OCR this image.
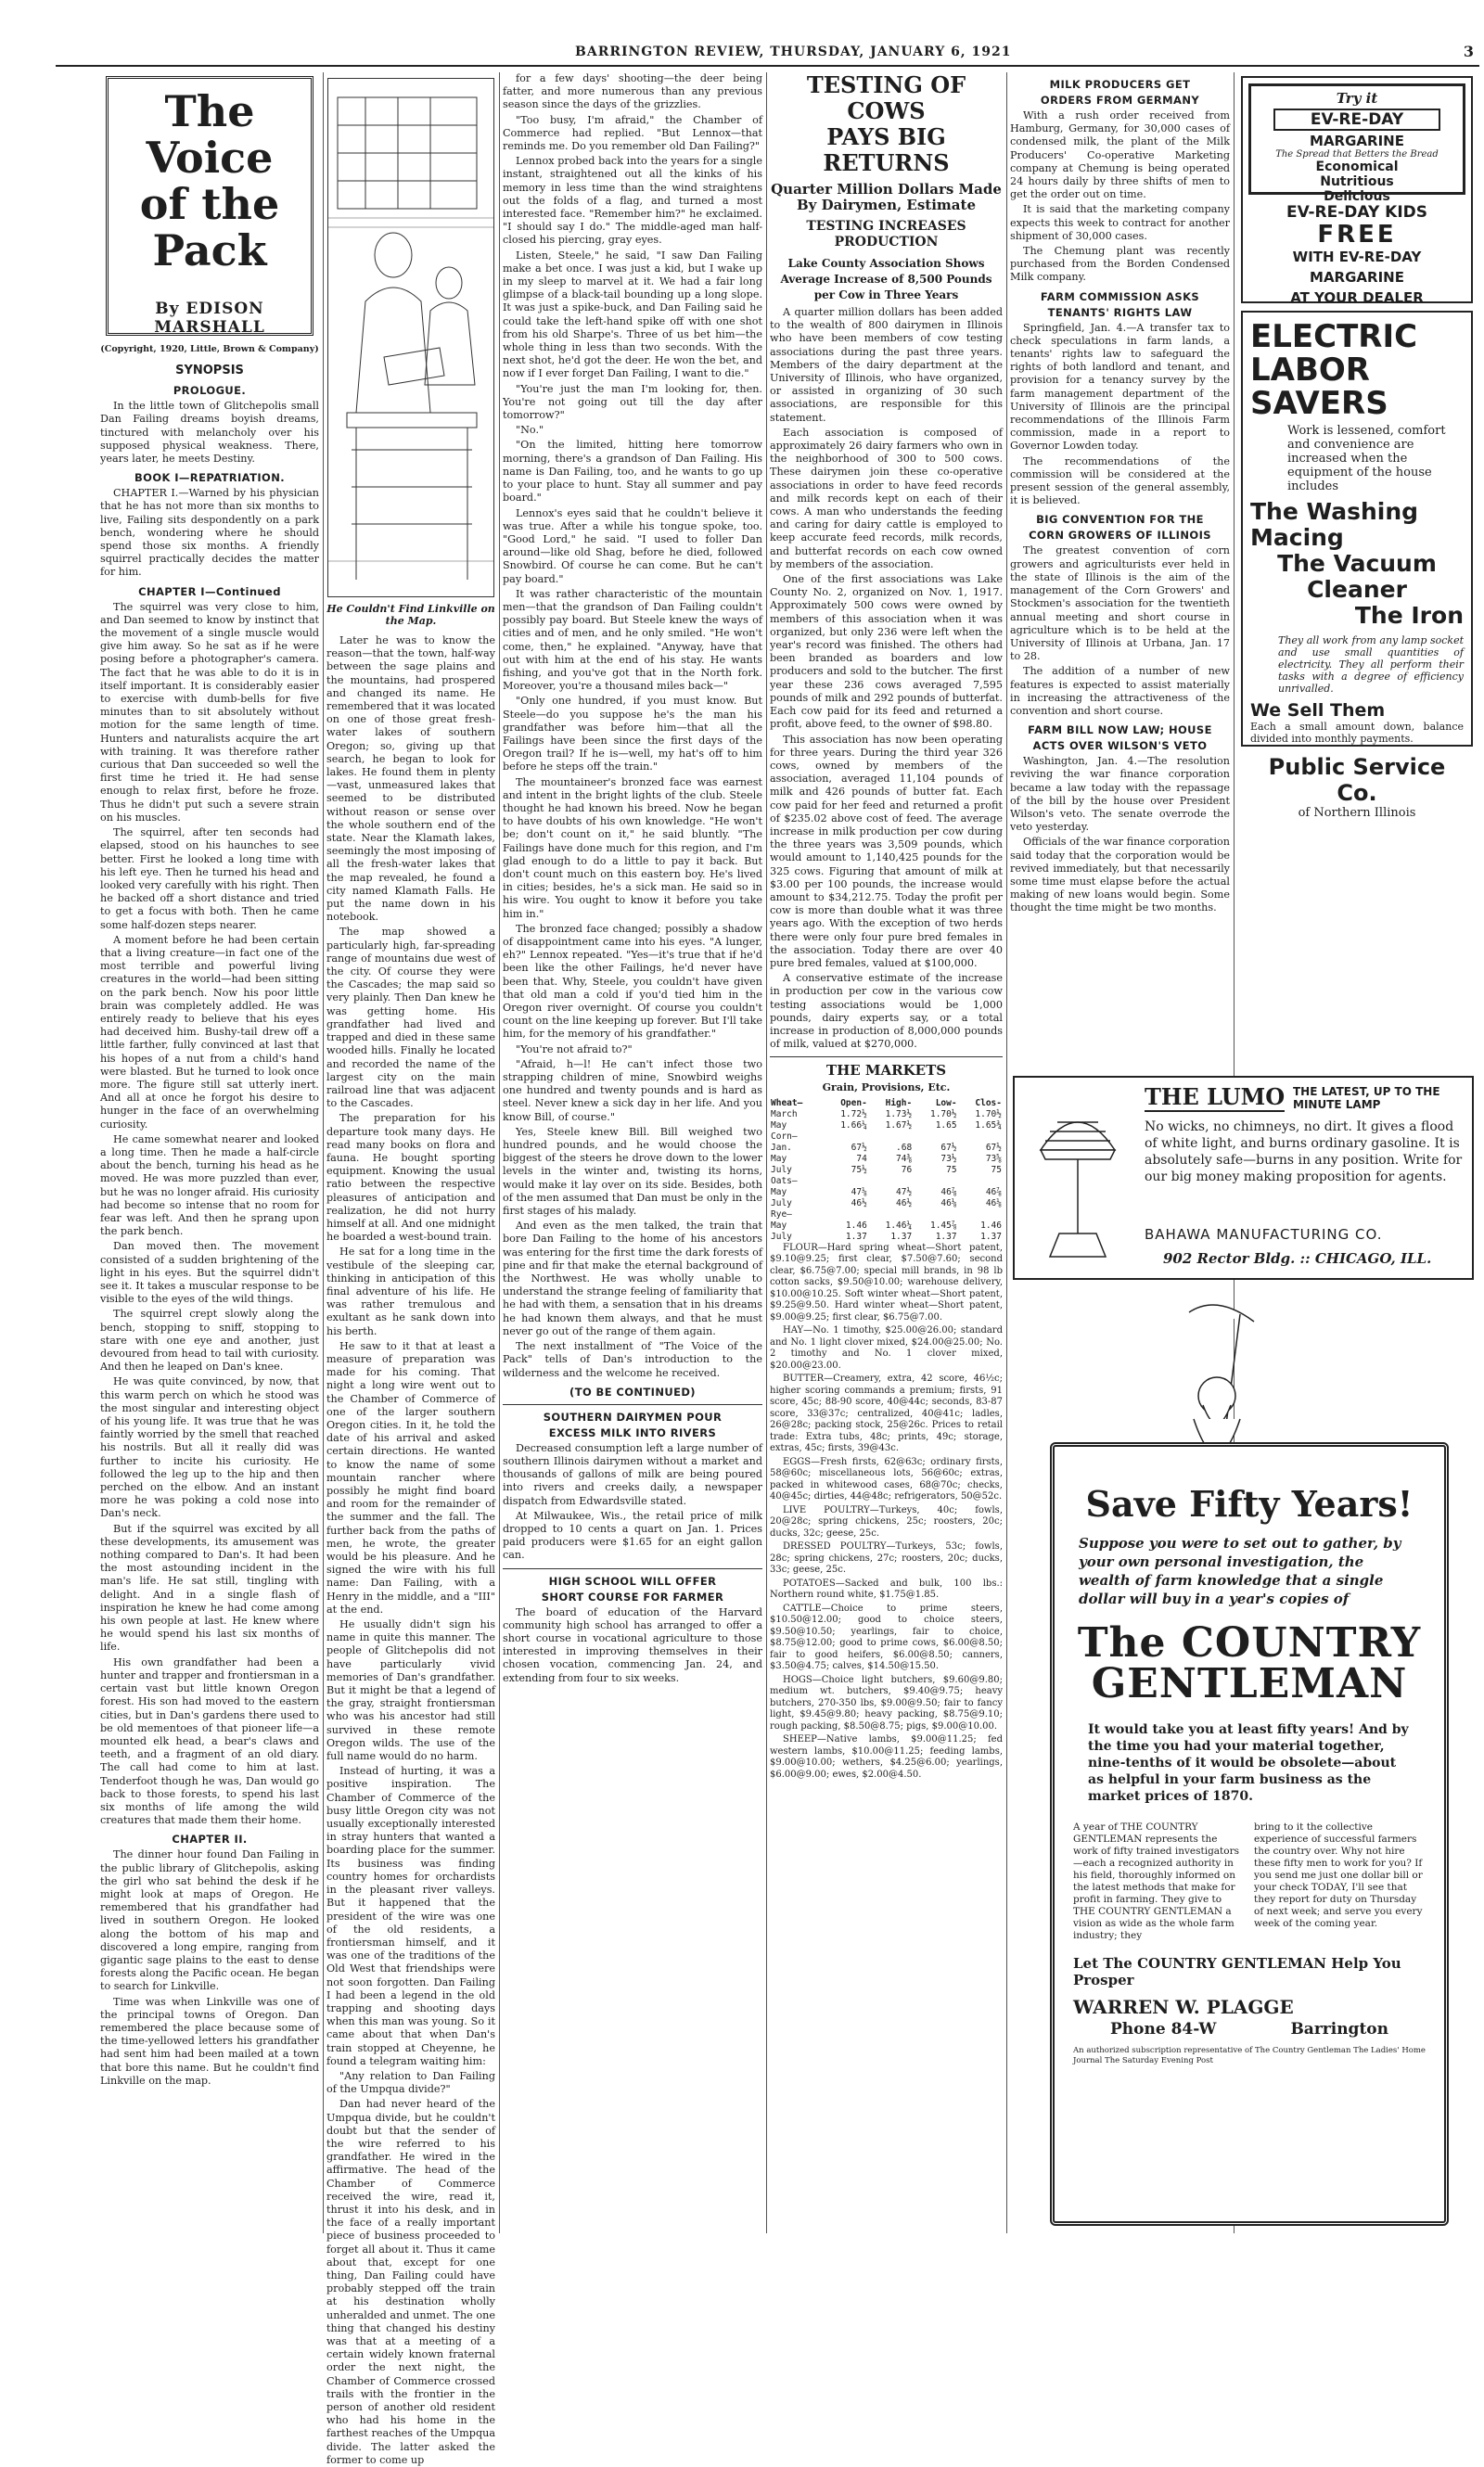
BARRINGTON REVIEW, THURSDAY, JANUARY 6, 1921	3
The Voice
of the Pack
By EDISON MARSHALL
(Copyright, 1920, Little, Brown & Company)
SYNOPSIS
PROLOGUE.

In the little town of Glitchepolis small Dan Failing dreams boyish dreams, tinctured with melancholy over his supposed physical weakness. There, years later, he meets Destiny.

BOOK I—REPATRIATION.

CHAPTER I.—Warned by his physician that he has not more than six months to live, Failing sits despondently on a park bench, wondering where he should spend those six months. A friendly squirrel practically decides the matter for him.

CHAPTER I—Continued

The squirrel was very close to him, and Dan seemed to know by instinct that the movement of a single muscle would give him away. So he sat as if he were posing before a photographer's camera. The fact that he was able to do it is in itself important. It is considerably easier to exercise with dumb-bells for five minutes than to sit absolutely without motion for the same length of time. Hunters and naturalists acquire the art with training. It was therefore rather curious that Dan succeeded so well the first time he tried it. He had sense enough to relax first, before he froze. Thus he didn't put such a severe strain on his muscles.

The squirrel, after ten seconds had elapsed, stood on his haunches to see better. First he looked a long time with his left eye. Then he turned his head and looked very carefully with his right. Then he backed off a short distance and tried to get a focus with both. Then he came some half-dozen steps nearer.

A moment before he had been certain that a living creature—in fact one of the most terrible and powerful living creatures in the world—had been sitting on the park bench. Now his poor little brain was completely addled. He was entirely ready to believe that his eyes had deceived him. Bushy-tail drew off a little farther, fully convinced at last that his hopes of a nut from a child's hand were blasted. But he turned to look once more. The figure still sat utterly inert. And all at once he forgot his desire to hunger in the face of an overwhelming curiosity.

He came somewhat nearer and looked a long time. Then he made a half-circle about the bench, turning his head as he moved. He was more puzzled than ever, but he was no longer afraid. His curiosity had become so intense that no room for fear was left. And then he sprang upon the park bench.

Dan moved then. The movement consisted of a sudden brightening of the light in his eyes. But the squirrel didn't see it. It takes a muscular response to be visible to the eyes of the wild things.

The squirrel crept slowly along the bench, stopping to sniff, stopping to stare with one eye and another, just devoured from head to tail with curiosity. And then he leaped on Dan's knee.

He was quite convinced, by now, that this warm perch on which he stood was the most singular and interesting object of his young life. It was true that he was faintly worried by the smell that reached his nostrils. But all it really did was further to incite his curiosity. He followed the leg up to the hip and then perched on the elbow. And an instant more he was poking a cold nose into Dan's neck.

But if the squirrel was excited by all these developments, its amusement was nothing compared to Dan's. It had been the most astounding incident in the man's life. He sat still, tingling with delight. And in a single flash of inspiration he knew he had come among his own people at last. He knew where he would spend his last six months of life.

His own grandfather had been a hunter and trapper and frontiersman in a certain vast but little known Oregon forest. His son had moved to the eastern cities, but in Dan's gardens there used to be old mementoes of that pioneer life—a mounted elk head, a bear's claws and teeth, and a fragment of an old diary. The call had come to him at last. Tenderfoot though he was, Dan would go back to those forests, to spend his last six months of life among the wild creatures that made them their home.

CHAPTER II.

The dinner hour found Dan Failing in the public library of Glitchepolis, asking the girl who sat behind the desk if he might look at maps of Oregon. He remembered that his grandfather had lived in southern Oregon. He looked along the bottom of his map and discovered a long empire, ranging from gigantic sage plains to the east to dense forests along the Pacific ocean. He began to search for Linkville.

Time was when Linkville was one of the principal towns of Oregon. Dan remembered the place because some of the time-yellowed letters his grandfather had sent him had been mailed at a town that bore this name. But he couldn't find Linkville on the map.

He Couldn't Find Linkville on the Map.

Later he was to know the reason—that the town, half-way between the sage plains and the mountains, had prospered and changed its name. He remembered that it was located on one of those great fresh-water lakes of southern Oregon; so, giving up that search, he began to look for lakes. He found them in plenty—vast, unmeasured lakes that seemed to be distributed without reason or sense over the whole southern end of the state. Near the Klamath lakes, seemingly the most imposing of all the fresh-water lakes that the map revealed, he found a city named Klamath Falls. He put the name down in his notebook.

The map showed a particularly high, far-spreading range of mountains due west of the city. Of course they were the Cascades; the map said so very plainly. Then Dan knew he was getting home. His grandfather had lived and trapped and died in these same wooded hills. Finally he located and recorded the name of the largest city on the main railroad line that was adjacent to the Cascades.

The preparation for his departure took many days. He read many books on flora and fauna. He bought sporting equipment. Knowing the usual ratio between the respective pleasures of anticipation and realization, he did not hurry himself at all. And one midnight he boarded a west-bound train.

He sat for a long time in the vestibule of the sleeping car, thinking in anticipation of this final adventure of his life. He was rather tremulous and exultant as he sank down into his berth.

He saw to it that at least a measure of preparation was made for his coming. That night a long wire went out to the Chamber of Commerce of one of the larger southern Oregon cities. In it, he told the date of his arrival and asked certain directions. He wanted to know the name of some mountain rancher where possibly he might find board and room for the remainder of the summer and the fall. The further back from the paths of men, he wrote, the greater would be his pleasure. And he signed the wire with his full name: Dan Failing, with a Henry in the middle, and a "III" at the end.

He usually didn't sign his name in quite this manner. The people of Glitchepolis did not have particularly vivid memories of Dan's grandfather. But it might be that a legend of the gray, straight frontiersman who was his ancestor had still survived in these remote Oregon wilds. The use of the full name would do no harm.

Instead of hurting, it was a positive inspiration. The Chamber of Commerce of the busy little Oregon city was not usually exceptionally interested in stray hunters that wanted a boarding place for the summer. Its business was finding country homes for orchardists in the pleasant river valleys. But it happened that the president of the wire was one of the old residents, a frontiersman himself, and it was one of the traditions of the Old West that friendships were not soon forgotten. Dan Failing I had been a legend in the old trapping and shooting days when this man was young. So it came about that when Dan's train stopped at Cheyenne, he found a telegram waiting him:

"Any relation to Dan Failing of the Umpqua divide?"

Dan had never heard of the Umpqua divide, but he couldn't doubt but that the sender of the wire referred to his grandfather. He wired in the affirmative. The head of the Chamber of Commerce received the wire, read it, thrust it into his desk, and in the face of a really important piece of business proceeded to forget all about it. Thus it came about that, except for one thing, Dan Failing could have probably stepped off the train at his destination wholly unheralded and unmet. The one thing that changed his destiny was that at a meeting of a certain widely known fraternal order the next night, the Chamber of Commerce crossed trails with the frontier in the person of another old resident who had his home in the farthest reaches of the Umpqua divide. The latter asked the former to come up

for a few days' shooting—the deer being fatter, and more numerous than any previous season since the days of the grizzlies.

"Too busy, I'm afraid," the Chamber of Commerce had replied. "But Lennox—that reminds me. Do you remember old Dan Failing?"

Lennox probed back into the years for a single instant, straightened out all the kinks of his memory in less time than the wind straightens out the folds of a flag, and turned a most interested face. "Remember him?" he exclaimed. "I should say I do." The middle-aged man half-closed his piercing, gray eyes.

Listen, Steele," he said, "I saw Dan Failing make a bet once. I was just a kid, but I wake up in my sleep to marvel at it. We had a fair long glimpse of a black-tail bounding up a long slope. It was just a spike-buck, and Dan Failing said he could take the left-hand spike off with one shot from his old Sharpe's. Three of us bet him—the whole thing in less than two seconds. With the next shot, he'd got the deer. He won the bet, and now if I ever forget Dan Failing, I want to die."

"You're just the man I'm looking for, then. You're not going out till the day after tomorrow?"

"No."

"On the limited, hitting here tomorrow morning, there's a grandson of Dan Failing. His name is Dan Failing, too, and he wants to go up to your place to hunt. Stay all summer and pay board."

Lennox's eyes said that he couldn't believe it was true. After a while his tongue spoke, too. "Good Lord," he said. "I used to foller Dan around—like old Shag, before he died, followed Snowbird. Of course he can come. But he can't pay board."

It was rather characteristic of the mountain men—that the grandson of Dan Failing couldn't possibly pay board. But Steele knew the ways of cities and of men, and he only smiled. "He won't come, then," he explained. "Anyway, have that out with him at the end of his stay. He wants fishing, and you've got that in the North fork. Moreover, you're a thousand miles back—"

"Only one hundred, if you must know. But Steele—do you suppose he's the man his grandfather was before him—that all the Failings have been since the first days of the Oregon trail? If he is—well, my hat's off to him before he steps off the train."

The mountaineer's bronzed face was earnest and intent in the bright lights of the club. Steele thought he had known his breed. Now he began to have doubts of his own knowledge. "He won't be; don't count on it," he said bluntly. "The Failings have done much for this region, and I'm glad enough to do a little to pay it back. But don't count much on this eastern boy. He's lived in cities; besides, he's a sick man. He said so in his wire. You ought to know it before you take him in."

The bronzed face changed; possibly a shadow of disappointment came into his eyes. "A lunger, eh?" Lennox repeated. "Yes—it's true that if he'd been like the other Failings, he'd never have been that. Why, Steele, you couldn't have given that old man a cold if you'd tied him in the Oregon river overnight. Of course you couldn't count on the line keeping up forever. But I'll take him, for the memory of his grandfather."

"You're not afraid to?"

"Afraid, h—l! He can't infect those two strapping children of mine, Snowbird weighs one hundred and twenty pounds and is hard as steel. Never knew a sick day in her life. And you know Bill, of course."

Yes, Steele knew Bill. Bill weighed two hundred pounds, and he would choose the biggest of the steers he drove down to the lower levels in the winter and, twisting its horns, would make it lay over on its side. Besides, both of the men assumed that Dan must be only in the first stages of his malady.

And even as the men talked, the train that bore Dan Failing to the home of his ancestors was entering for the first time the dark forests of pine and fir that make the eternal background of the Northwest. He was wholly unable to understand the strange feeling of familiarity that he had with them, a sensation that in his dreams he had known them always, and that he must never go out of the range of them again.

The next installment of "The Voice of the Pack" tells of Dan's introduction to the wilderness and the welcome he received.

(TO BE CONTINUED)
SOUTHERN DAIRYMEN POUR
EXCESS MILK INTO RIVERS

Decreased consumption left a large number of southern Illinois dairymen without a market and thousands of gallons of milk are being poured into rivers and creeks daily, a newspaper dispatch from Edwardsville stated.

At Milwaukee, Wis., the retail price of milk dropped to 10 cents a quart on Jan. 1. Prices paid producers were $1.65 for an eight gallon can.

HIGH SCHOOL WILL OFFER
SHORT COURSE FOR FARMER

The board of education of the Harvard community high school has arranged to offer a short course in vocational agriculture to those interested in improving themselves in their chosen vocation, commencing Jan. 24, and extending from four to six weeks.

TESTING OF COWS
PAYS BIG RETURNS
Quarter Million Dollars Made By Dairymen, Estimate
TESTING INCREASES PRODUCTION
Lake County Association Shows Average Increase of 8,500 Pounds per Cow in Three Years

A quarter million dollars has been added to the wealth of 800 dairymen in Illinois who have been members of cow testing associations during the past three years. Members of the dairy department at the University of Illinois, who have organized, or assisted in organizing of 30 such associations, are responsible for this statement.

Each association is composed of approximately 26 dairy farmers who own in the neighborhood of 300 to 500 cows. These dairymen join these co-operative associations in order to have feed records and milk records kept on each of their cows. A man who understands the feeding and caring for dairy cattle is employed to keep accurate feed records, milk records, and butterfat records on each cow owned by members of the association.

One of the first associations was Lake County No. 2, organized on Nov. 1, 1917. Approximately 500 cows were owned by members of this association when it was organized, but only 236 were left when the year's record was finished. The others had been branded as boarders and low producers and sold to the butcher. The first year these 236 cows averaged 7,595 pounds of milk and 292 pounds of butterfat. Each cow paid for its feed and returned a profit, above feed, to the owner of $98.80.

This association has now been operating for three years. During the third year 326 cows, owned by members of the association, averaged 11,104 pounds of milk and 426 pounds of butter fat. Each cow paid for her feed and returned a profit of $235.02 above cost of feed. The average increase in milk production per cow during the three years was 3,509 pounds, which would amount to 1,140,425 pounds for the 325 cows. Figuring that amount of milk at $3.00 per 100 pounds, the increase would amount to $34,212.75. Today the profit per cow is more than double what it was three years ago. With the exception of two herds there were only four pure bred females in the association. Today there are over 40 pure bred females, valued at $100,000.

A conservative estimate of the increase in production per cow in the various cow testing associations would be 1,000 pounds, dairy experts say, or a total increase in production of 8,000,000 pounds of milk, valued at $270,000.

THE MARKETS
Grain, Provisions, Etc.
Wheat—	Open-	High-	Low-	Clos-
March	1.72½	1.73½	1.70½	1.70½
May	1.66¼	1.67½	1.65	1.65¾
Corn—				
Jan.	67½	.68	67½	67½
May	74	74⅜	73½	73⅝
July	75½	76	75	75
Oats—				
May	47⅛	47½	46⅞	46⅞
July	46½	46½	46⅛	46⅛
Rye—				
May	1.46	1.46¼	1.45⅞	1.46
July	1.37	1.37	1.37	1.37

FLOUR—Hard spring wheat—Short patent, $9.10@9.25; first clear, $7.50@7.60; second clear, $6.75@7.00; special mill brands, in 98 lb cotton sacks, $9.50@10.00; warehouse delivery, $10.00@10.25. Soft winter wheat—Short patent, $9.25@9.50. Hard winter wheat—Short patent, $9.00@9.25; first clear, $6.75@7.00.

HAY—No. 1 timothy, $25.00@26.00; standard and No. 1 light clover mixed, $24.00@25.00; No. 2 timothy and No. 1 clover mixed, $20.00@23.00.

BUTTER—Creamery, extra, 42 score, 46½c; higher scoring commands a premium; firsts, 91 score, 45c; 88-90 score, 40@44c; seconds, 83-87 score, 33@37c; centralized, 40@41c; ladles, 26@28c; packing stock, 25@26c. Prices to retail trade: Extra tubs, 48c; prints, 49c; storage, extras, 45c; firsts, 39@43c.

EGGS—Fresh firsts, 62@63c; ordinary firsts, 58@60c; miscellaneous lots, 56@60c; extras, packed in whitewood cases, 68@70c; checks, 40@45c; dirties, 44@48c; refrigerators, 50@52c.

LIVE POULTRY—Turkeys, 40c; fowls, 20@28c; spring chickens, 25c; roosters, 20c; ducks, 32c; geese, 25c.

DRESSED POULTRY—Turkeys, 53c; fowls, 28c; spring chickens, 27c; roosters, 20c; ducks, 33c; geese, 25c.

POTATOES—Sacked and bulk, 100 lbs.: Northern round white, $1.75@1.85.

CATTLE—Choice to prime steers, $10.50@12.00; good to choice steers, $9.50@10.50; yearlings, fair to choice, $8.75@12.00; good to prime cows, $6.00@8.50; fair to good heifers, $6.00@8.50; canners, $3.50@4.75; calves, $14.50@15.50.

HOGS—Choice light butchers, $9.60@9.80; medium wt. butchers, $9.40@9.75; heavy butchers, 270-350 lbs, $9.00@9.50; fair to fancy light, $9.45@9.80; heavy packing, $8.75@9.10; rough packing, $8.50@8.75; pigs, $9.00@10.00.

SHEEP—Native lambs, $9.00@11.25; fed western lambs, $10.00@11.25; feeding lambs, $9.00@10.00; wethers, $4.25@6.00; yearlings, $6.00@9.00; ewes, $2.00@4.50.

MILK PRODUCERS GET
ORDERS FROM GERMANY

With a rush order received from Hamburg, Germany, for 30,000 cases of condensed milk, the plant of the Milk Producers' Co-operative Marketing company at Chemung is being operated 24 hours daily by three shifts of men to get the order out on time.

It is said that the marketing company expects this week to contract for another shipment of 30,000 cases.

The Chemung plant was recently purchased from the Borden Condensed Milk company.

FARM COMMISSION ASKS
TENANTS' RIGHTS LAW

Springfield, Jan. 4.—A transfer tax to check speculations in farm lands, a tenants' rights law to safeguard the rights of both landlord and tenant, and provision for a tenancy survey by the farm management department of the University of Illinois are the principal recommendations of the Illinois Farm commission, made in a report to Governor Lowden today.

The recommendations of the commission will be considered at the present session of the general assembly, it is believed.

BIG CONVENTION FOR THE
CORN GROWERS OF ILLINOIS

The greatest convention of corn growers and agriculturists ever held in the state of Illinois is the aim of the management of the Corn Growers' and Stockmen's association for the twentieth annual meeting and short course in agriculture which is to be held at the University of Illinois at Urbana, Jan. 17 to 28.

The addition of a number of new features is expected to assist materially in increasing the attractiveness of the convention and short course.

FARM BILL NOW LAW; HOUSE
ACTS OVER WILSON'S VETO

Washington, Jan. 4.—The resolution reviving the war finance corporation became a law today with the repassage of the bill by the house over President Wilson's veto. The senate overrode the veto yesterday.

Officials of the war finance corporation said today that the corporation would be revived immediately, but that necessarily some time must elapse before the actual making of new loans would begin. Some thought the time might be two months.

Try it
EV-RE-DAY
MARGARINE
The Spread that Betters the Bread
Economical
Nutritious
Delicious
EV-RE-DAY KIDS
FREE
WITH EV-RE-DAY
MARGARINE
AT YOUR DEALER
ELECTRIC
LABOR
SAVERS
Work is lessened, comfort and convenience are increased when the equipment of the house includes
The Washing Macing
The Vacuum Cleaner
The Iron
They all work from any lamp socket and use small quantities of electricity. They all perform their tasks with a degree of efficiency unrivalled.
We Sell Them
Each a small amount down, balance divided into monthly payments.
Public Service
Co.
of Northern Illinois
THE LUMO THE LATEST, UP TO THE MINUTE LAMP
No wicks, no chimneys, no dirt. It gives a flood of white light, and burns ordinary gasoline. It is absolutely safe—burns in any position. Write for our big money making proposition for agents.
BAHAWA MANUFACTURING CO.
902 Rector Bldg. :: CHICAGO, ILL.
Save Fifty Years!
Suppose you were to set out to gather, by your own personal investigation, the wealth of farm knowledge that a single dollar will buy in a year's copies of
The COUNTRY
GENTLEMAN
It would take you at least fifty years! And by the time you had your material together, nine-tenths of it would be obsolete—about as helpful in your farm business as the market prices of 1870.
A year of THE COUNTRY GENTLEMAN represents the work of fifty trained investigators—each a recognized authority in his field, thoroughly informed on the latest methods that make for profit in farming. They give to THE COUNTRY GENTLEMAN a vision as wide as the whole farm industry; they
bring to it the collective experience of successful farmers the country over. Why not hire these fifty men to work for you? If you send me just one dollar bill or your check TODAY, I'll see that they report for duty on Thursday of next week; and serve you every week of the coming year.
Let The COUNTRY GENTLEMAN Help You Prosper
WARREN W. PLAGGE
Phone 84-W	Barrington
An authorized subscription representative of The Country Gentleman The Ladies' Home Journal The Saturday Evening Post
